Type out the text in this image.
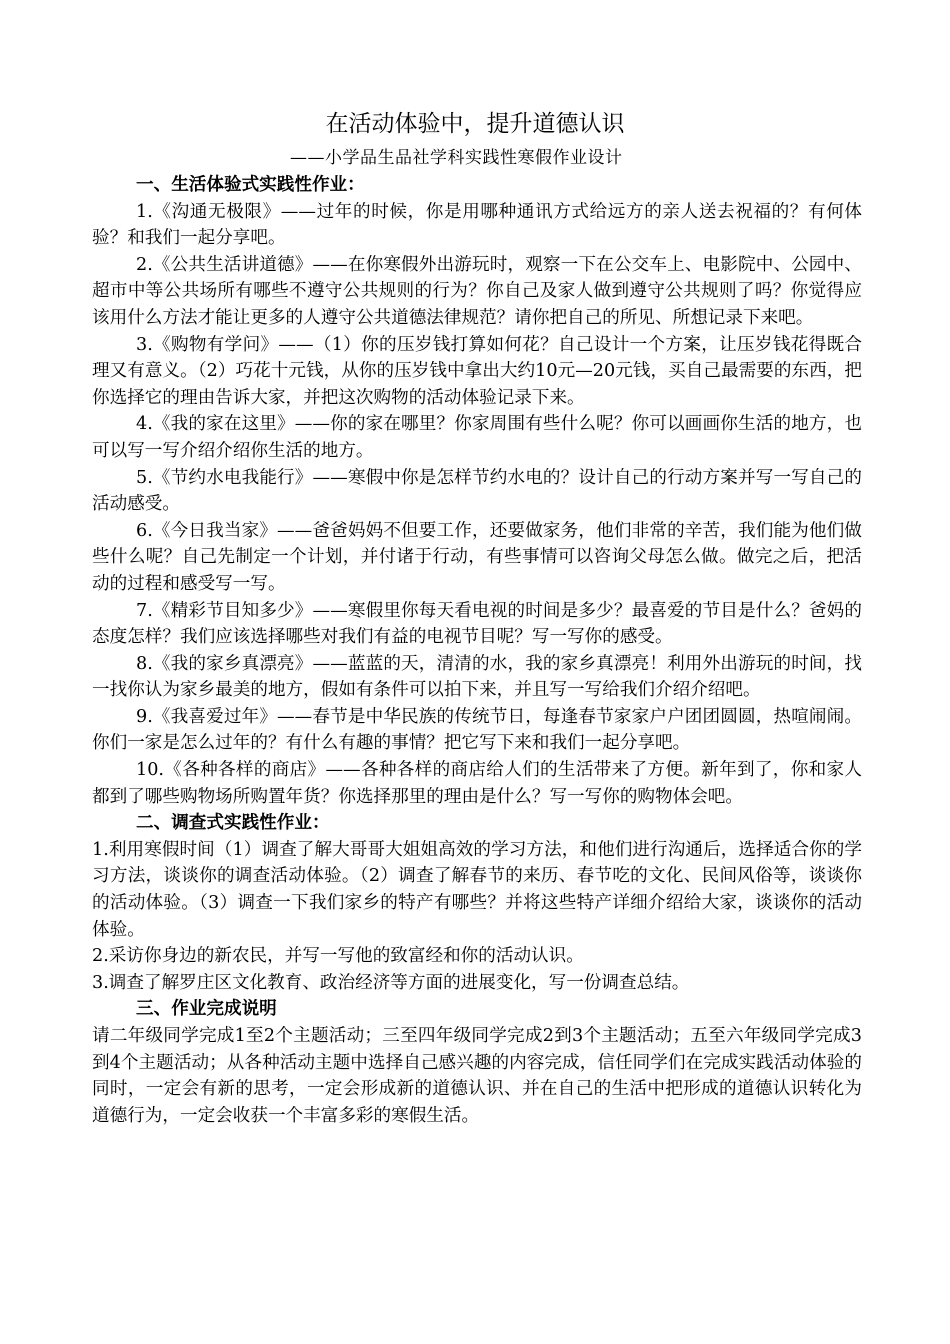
在活动体验中，提升道德认识
——小学品生品社学科实践性寒假作业设计

一、生活体验式实践性作业：

1.《沟通无极限》——过年的时候，你是用哪种通讯方式给远方的亲人送去祝福的？有何体验？和我们一起分享吧。

2.《公共生活讲道德》——在你寒假外出游玩时，观察一下在公交车上、电影院中、公园中、超市中等公共场所有哪些不遵守公共规则的行为？你自己及家人做到遵守公共规则了吗？你觉得应该用什么方法才能让更多的人遵守公共道德法律规范？请你把自己的所见、所想记录下来吧。

3.《购物有学问》——（1）你的压岁钱打算如何花？自己设计一个方案，让压岁钱花得既合理又有意义。（2）巧花十元钱，从你的压岁钱中拿出大约10元—20元钱，买自己最需要的东西，把你选择它的理由告诉大家，并把这次购物的活动体验记录下来。

4.《我的家在这里》——你的家在哪里？你家周围有些什么呢？你可以画画你生活的地方，也可以写一写介绍介绍你生活的地方。

5.《节约水电我能行》——寒假中你是怎样节约水电的？设计自己的行动方案并写一写自己的活动感受。

6.《今日我当家》——爸爸妈妈不但要工作，还要做家务，他们非常的辛苦，我们能为他们做些什么呢？自己先制定一个计划，并付诸于行动，有些事情可以咨询父母怎么做。做完之后，把活动的过程和感受写一写。

7.《精彩节目知多少》——寒假里你每天看电视的时间是多少？最喜爱的节目是什么？爸妈的态度怎样？我们应该选择哪些对我们有益的电视节目呢？写一写你的感受。

8.《我的家乡真漂亮》——蓝蓝的天，清清的水，我的家乡真漂亮！利用外出游玩的时间，找一找你认为家乡最美的地方，假如有条件可以拍下来，并且写一写给我们介绍介绍吧。

9.《我喜爱过年》——春节是中华民族的传统节日，每逢春节家家户户团团圆圆，热喧闹闹。你们一家是怎么过年的？有什么有趣的事情？把它写下来和我们一起分享吧。

10.《各种各样的商店》——各种各样的商店给人们的生活带来了方便。新年到了，你和家人都到了哪些购物场所购置年货？你选择那里的理由是什么？写一写你的购物体会吧。

二、调查式实践性作业：

1.利用寒假时间（1）调查了解大哥哥大姐姐高效的学习方法，和他们进行沟通后，选择适合你的学习方法，谈谈你的调查活动体验。（2）调查了解春节的来历、春节吃的文化、民间风俗等，谈谈你的活动体验。（3）调查一下我们家乡的特产有哪些？并将这些特产详细介绍给大家，谈谈你的活动体验。

2.采访你身边的新农民，并写一写他的致富经和你的活动认识。

3.调查了解罗庄区文化教育、政治经济等方面的进展变化，写一份调查总结。

三、作业完成说明

请二年级同学完成1至2个主题活动；三至四年级同学完成2到3个主题活动；五至六年级同学完成3到4个主题活动；从各种活动主题中选择自己感兴趣的内容完成，信任同学们在完成实践活动体验的同时，一定会有新的思考，一定会形成新的道德认识、并在自己的生活中把形成的道德认识转化为道德行为，一定会收获一个丰富多彩的寒假生活。
